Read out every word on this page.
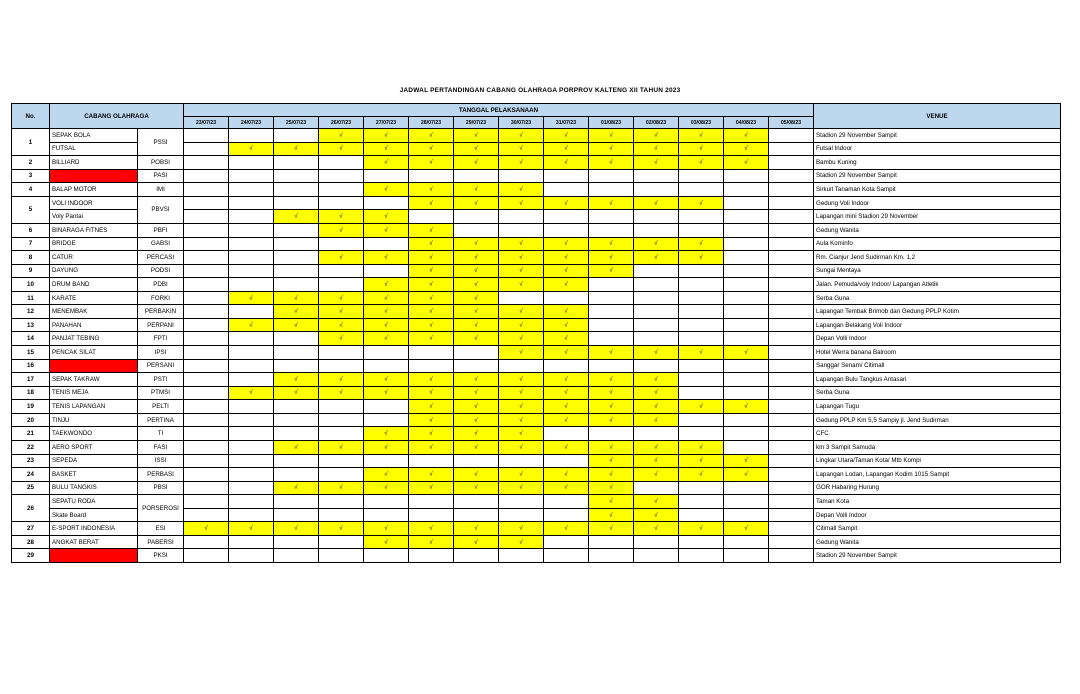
JADWAL PERTANDINGAN CABANG OLAHRAGA PORPROV KALTENG XII TAHUN 2023
No.	CABANG OLAHRAGA		TANGGAL PELAKSANAAN														VENUE
			23/07/23	24/07/23	25/07/23	26/07/23	27/07/23	28/07/23	29/07/23	30/07/23	31/07/23	01/08/23	02/08/23	03/08/23	04/08/23	05/08/23	
1	SEPAK BOLA	PSSI				√	√	√	√	√	√	√	√	√	√		Stadion 29 November Sampit
	FUTSAL			√	√	√	√	√	√	√	√	√	√	√	√		Futsal Indoor
2	BILLIARD	POBSI					√	√	√	√	√	√	√	√	√		Bambu Kuning
3	ATLETIK	PASI															Stadion 29 November Sampit
4	BALAP MOTOR	IMI					√	√	√	√							Sirkuit Tanaman Kota Sampit
5	VOLI INDOOR	PBVSI						√	√	√	√	√	√	√			Gedung Voli Indoor
	Voly Pantai				√	√	√										Lapangan mini Stadion 29 November
6	BINARAGA FITNES	PBFI				√	√	√									Gedung Wanita
7	BRIDGE	GABSI						√	√	√	√	√	√	√			Aula Kominfo
8	CATUR	PERCASI				√	√	√	√	√	√	√	√	√			Rm. Cianjur Jend Sudirman Km. 1,2
9	DAYUNG	PODSI						√	√	√	√	√					Sungai Mentaya
10	DRUM BAND	PDBI					√	√	√	√	√						Jalan. Pemuda/voly Indoor/ Lapangan Atletik
11	KARATE	FORKI		√	√	√	√	√	√								Serba Guna
12	MENEMBAK	PERBAKIN			√	√	√	√	√	√	√						Lapangan Tembak Brimob dan Gedung PPLP Kotim
13	PANAHAN	PERPANI		√	√	√	√	√	√	√	√						Lapangan Belakang Voli Indoor
14	PANJAT TEBING	FPTI				√	√	√	√	√	√						Depan Volli Indoor
15	PENCAK SILAT	IPSI								√	√	√	√	√	√		Hotel Werra banana Balroom
16	SENAM	PERSANI															Sanggar Senam/ Citimall
17	SEPAK TAKRAW	PSTI			√	√	√	√	√	√	√	√	√				Lapangan Bulu Tangkus Antasari
18	TENIS MEJA	PTMSI		√	√	√	√	√	√	√	√	√	√				Serba Guna
19	TENIS LAPANGAN	PELTI						√	√	√	√	√	√	√	√		Lapangan Tugu
20	TINJU	PERTINA						√	√	√	√	√	√				Gedung PPLP Km 5,5 Sampiy jl. Jend Sudirman
21	TAEKWONDO	TI					√	√	√	√							CFC
22	AERO SPORT	FASI			√	√	√	√	√	√	√	√	√	√			km 3 Sampit Samuda
23	SEPEDA	ISSI										√	√	√	√		Lingkar Utara/Taman Kota/ Mtb Kompi
24	BASKET	PERBASI					√	√	√	√	√	√	√	√	√		Lapangan Lodan, Lapangan Kodim 1015 Sampit
25	BULU TANGKIS	PBSI			√	√	√	√	√	√	√	√					GOR Habaring Hurung
26	SEPATU RODA	PORSEROSI										√	√				Taman Kota
	Skate Board											√	√				Depan Volli Indoor
27	E-SPORT INDONESIA	ESI	√	√	√	√	√	√	√	√	√	√	√	√	√		Citimall Sampit
28	ANGKAT BERAT	PABERSI					√	√	√	√							Gedung Wanita
29	KORF BALL	PKSI															Stadion 29 November Sampit
